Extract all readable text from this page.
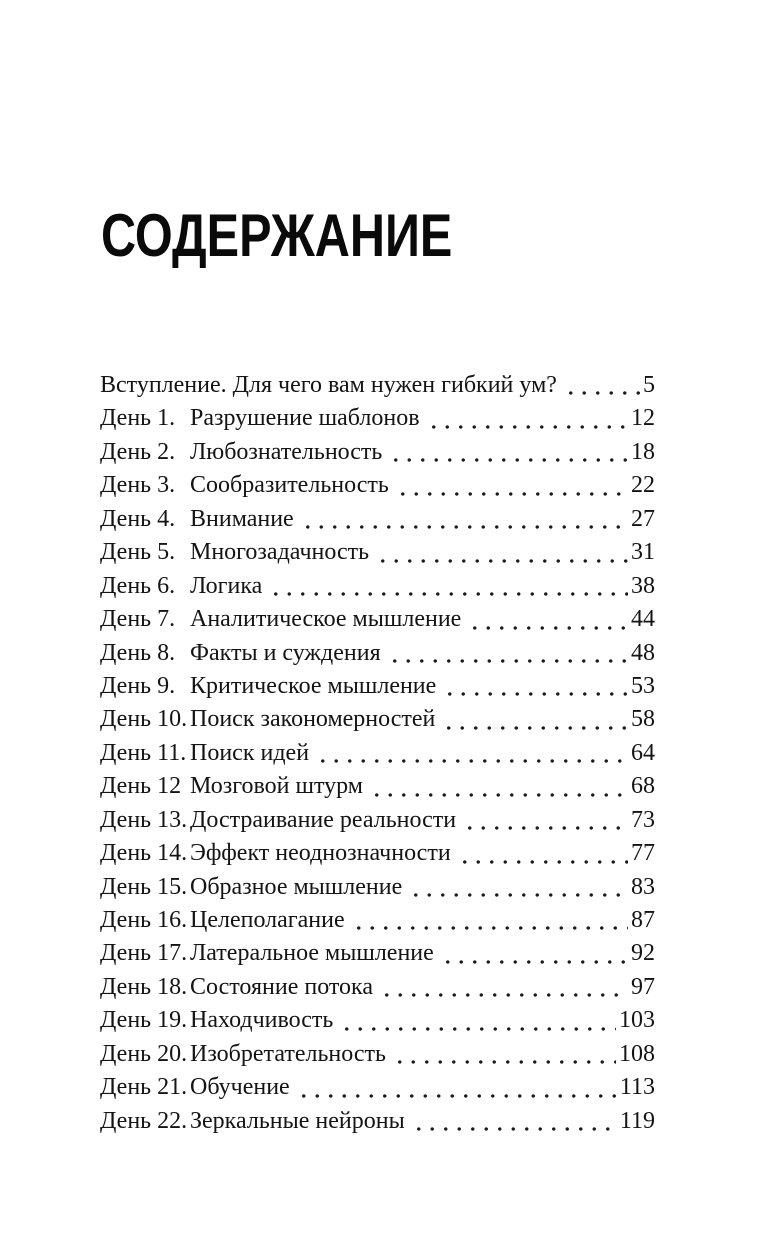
СОДЕРЖАНИЕ
Вступление. Для чего вам нужен гибкий ум?	5
День 1. Разрушение шаблонов	12
День 2. Любознательность	18
День 3. Сообразительность	22
День 4. Внимание	27
День 5. Многозадачность	31
День 6. Логика	38
День 7. Аналитическое мышление	44
День 8. Факты и суждения	48
День 9. Критическое мышление	53
День 10. Поиск закономерностей	58
День 11. Поиск идей	64
День 12 Мозговой штурм	68
День 13. Достраивание реальности	73
День 14. Эффект неоднозначности	77
День 15. Образное мышление	83
День 16. Целеполагание	87
День 17. Латеральное мышление	92
День 18. Состояние потока	97
День 19. Находчивость	103
День 20. Изобретательность	108
День 21. Обучение	113
День 22. Зеркальные нейроны	119
